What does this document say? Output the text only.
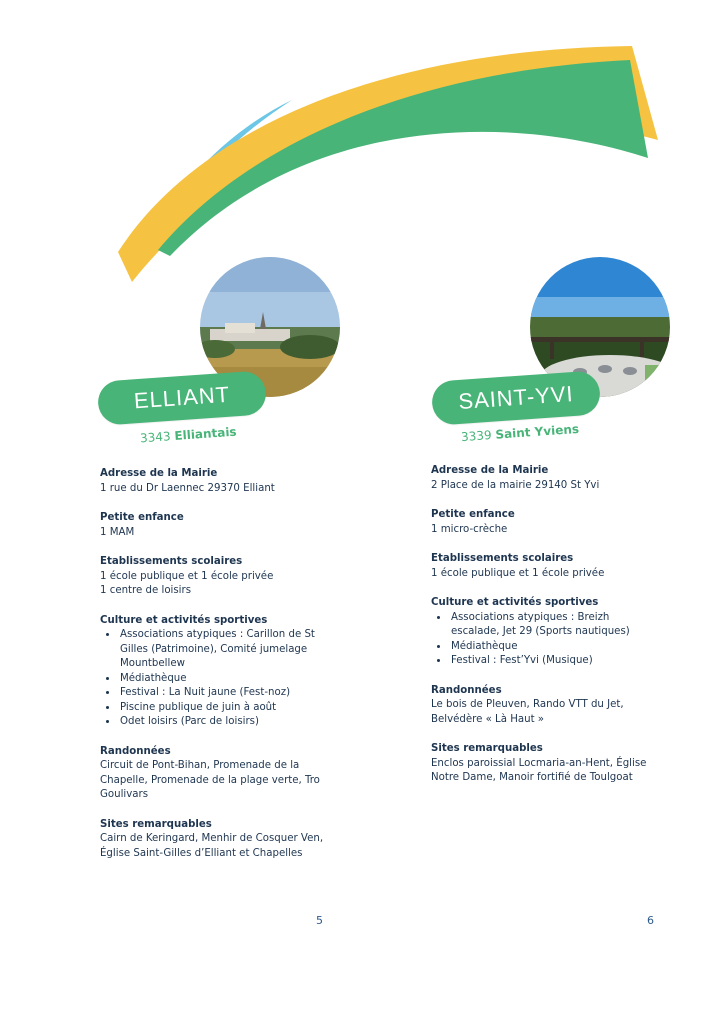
ELLIANT
3343 Elliantais
SAINT-YVI
3339 Saint Yviens
Adresse de la Mairie

1 rue du Dr Laennec 29370 Elliant

Petite enfance

1 MAM

Etablissements scolaires

1 école publique et 1 école privée

1 centre de loisirs

Culture et activités sportives
• Associations atypiques : Carillon de St Gilles (Patrimoine), Comité jumelage Mountbellew
• Médiathèque
• Festival : La Nuit jaune (Fest-noz)
• Piscine publique de juin à août
• Odet loisirs (Parc de loisirs)
Randonnées

Circuit de Pont-Bihan, Promenade de la Chapelle, Promenade de la plage verte, Tro Goulivars

Sites remarquables

Cairn de Keringard, Menhir de Cosquer Ven, Église Saint-Gilles d’Elliant et Chapelles

Adresse de la Mairie

2 Place de la mairie 29140 St Yvi

Petite enfance

1 micro-crèche

Etablissements scolaires

1 école publique et 1 école privée

Culture et activités sportives
• Associations atypiques : Breizh escalade, Jet 29 (Sports nautiques)
• Médiathèque
• Festival : Fest’Yvi (Musique)
Randonnées

Le bois de Pleuven, Rando VTT du Jet, Belvédère « Là Haut »

Sites remarquables

Enclos paroissial Locmaria-an-Hent, Église Notre Dame, Manoir fortifié de Toulgoat

5	6
